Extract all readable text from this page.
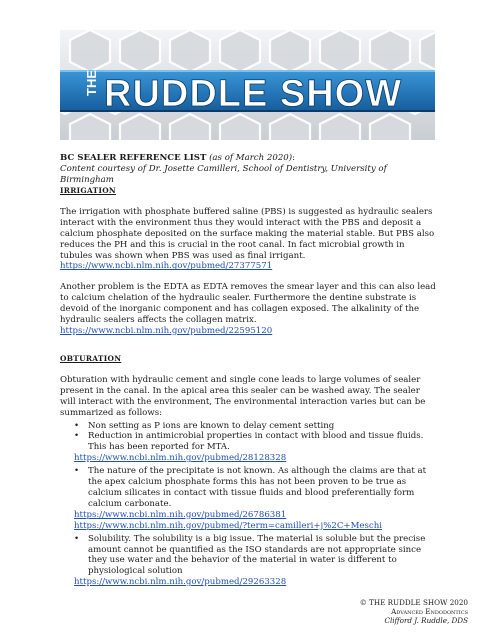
THE RUDDLE SHOW

BC SEALER REFERENCE LIST (as of March 2020):

Content courtesy of Dr. Josette Camilleri, School of Dentistry, University of Birmingham

IRRIGATION

The irrigation with phosphate buffered saline (PBS) is suggested as hydraulic sealers interact with the environment thus they would interact with the PBS and deposit a calcium phosphate deposited on the surface making the material stable. But PBS also reduces the PH and this is crucial in the root canal. In fact microbial growth in tubules was shown when PBS was used as final irrigant.

https://www.ncbi.nlm.nih.gov/pubmed/27377571

Another problem is the EDTA as EDTA removes the smear layer and this can also lead to calcium chelation of the hydraulic sealer. Furthermore the dentine substrate is devoid of the inorganic component and has collagen exposed. The alkalinity of the hydraulic sealers affects the collagen matrix.

https://www.ncbi.nlm.nih.gov/pubmed/22595120

OBTURATION

Obturation with hydraulic cement and single cone leads to large volumes of sealer present in the canal. In the apical area this sealer can be washed away. The sealer will interact with the environment, The environmental interaction varies but can be summarized as follows:

• Non setting as P ions are known to delay cement setting
• Reduction in antimicrobial properties in contact with blood and tissue fluids. This has been reported for MTA.
https://www.ncbi.nlm.nih.gov/pubmed/28128328
• The nature of the precipitate is not known. As although the claims are that at the apex calcium phosphate forms this has not been proven to be true as calcium silicates in contact with tissue fluids and blood preferentially form calcium carbonate.
https://www.ncbi.nlm.nih.gov/pubmed/26786381
https://www.ncbi.nlm.nih.gov/pubmed/?term=camilleri+j%2C+Meschi
• Solubility. The solubility is a big issue. The material is soluble but the precise amount cannot be quantified as the ISO standards are not appropriate since they use water and the behavior of the material in water is different to physiological solution
https://www.ncbi.nlm.nih.gov/pubmed/29263328
© THE RUDDLE SHOW 2020
Advanced Endodontics
Clifford J. Ruddle, DDS
